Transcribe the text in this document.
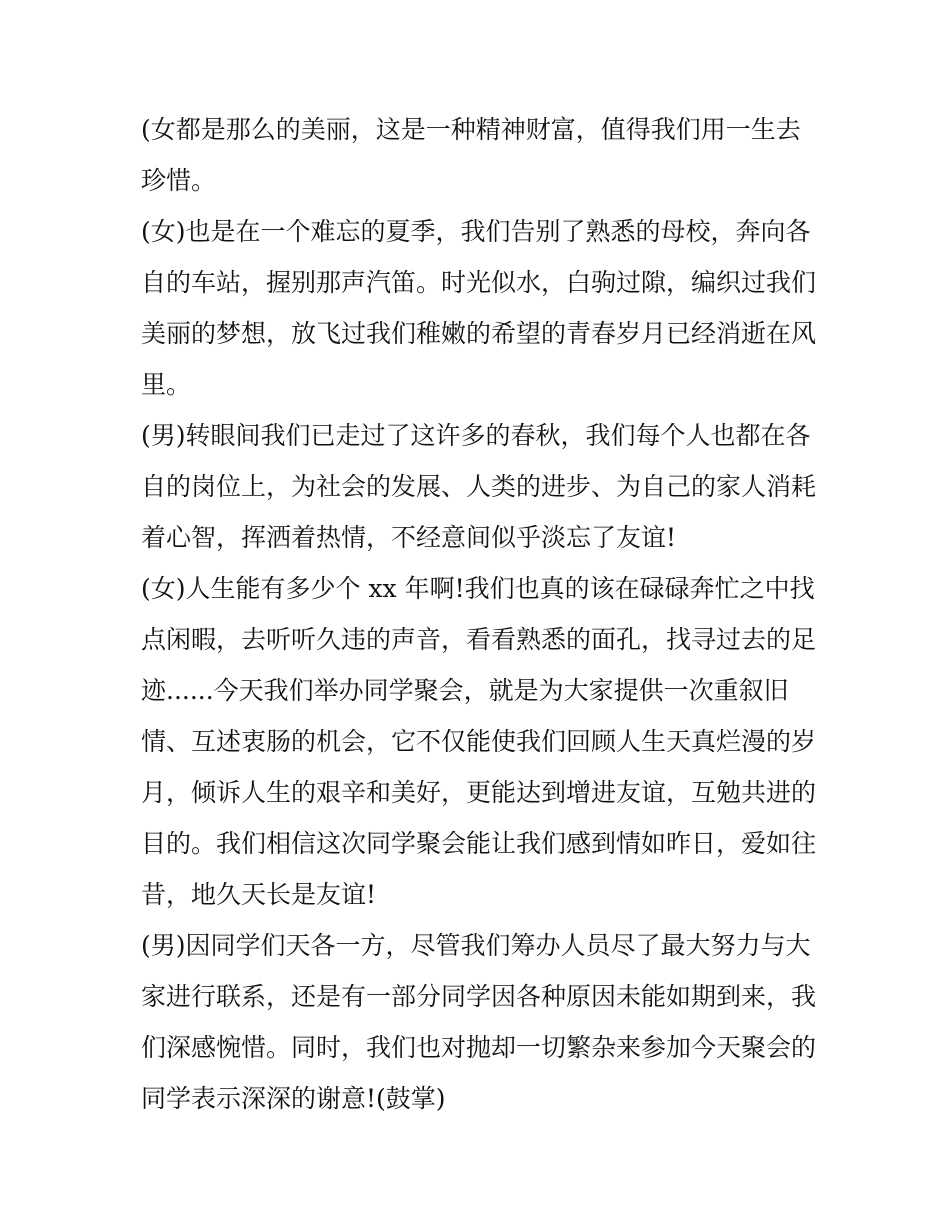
(女都是那么的美丽，这是一种精神财富，值得我们用一生去
珍惜。
(女)也是在一个难忘的夏季，我们告别了熟悉的母校，奔向各
自的车站，握别那声汽笛。时光似水，白驹过隙，编织过我们
美丽的梦想，放飞过我们稚嫩的希望的青春岁月已经消逝在风
里。
(男)转眼间我们已走过了这许多的春秋，我们每个人也都在各
自的岗位上，为社会的发展、人类的进步、为自己的家人消耗
着心智，挥洒着热情，不经意间似乎淡忘了友谊!
(女)人生能有多少个 xx 年啊!我们也真的该在碌碌奔忙之中找
点闲暇，去听听久违的声音，看看熟悉的面孔，找寻过去的足
迹......今天我们举办同学聚会，就是为大家提供一次重叙旧
情、互述衷肠的机会，它不仅能使我们回顾人生天真烂漫的岁
月，倾诉人生的艰辛和美好，更能达到增进友谊，互勉共进的
目的。我们相信这次同学聚会能让我们感到情如昨日，爱如往
昔，地久天长是友谊!
(男)因同学们天各一方，尽管我们筹办人员尽了最大努力与大
家进行联系，还是有一部分同学因各种原因未能如期到来，我
们深感惋惜。同时，我们也对抛却一切繁杂来参加今天聚会的
同学表示深深的谢意!(鼓掌)
